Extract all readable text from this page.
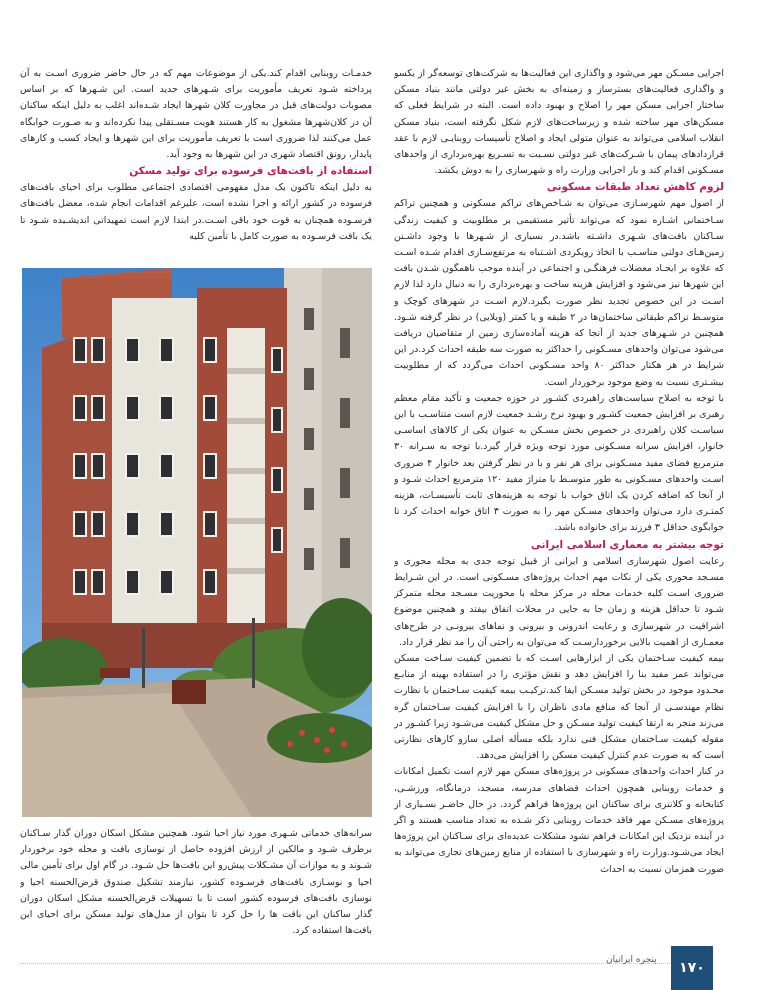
اجرایی مسـکن مهر می‌شود و واگذاری این فعالیت‌ها به شرکت‌های توسعه‌گر از یکسو و واگذاری فعالیت‌های بسترساز و زمینه‌ای به بخش غیر دولتی مانند بنیاد مسکن ساختار اجرایی مسکن مهر را اصلاح و بهبود داده است. البته در شرایط فعلی که مسکن‌های مهر ساخته شده و زیرساخت‌های لازم شکل نگرفته است، بنیاد مسکن انقلاب اسلامی می‌تواند به عنوان متولی ایجاد و اصلاح تأسیسات روبنایـی لازم با عقد قراردادهای پیمان با شـرکت‌های غیر دولتی نسـبت به تسـریع بهره‌برداری از واحدهای مسـکونی اقدام کند و بار اجرایی وزارت راه و شهرسازی را به دوش بکشد.

لزوم کاهش تعداد طبقات مسکونی

از اصول مهم شهرسـازی می‌توان به شـاخص‌های تراکم مسکونی و همچنین تراکم سـاختمانی اشـاره نمود که می‌تواند تأثیر مستقیمی بر مطلوبیت و کیفیت زندگی سـاکنان بافت‌های شـهری داشـته باشد.در بسیاری از شـهرها با وجود داشـتن زمین‌هـای دولتی مناسـب با اتخاذ رویکردی اشـتباه به مرتفع‌سـازی اقدام شـده اسـت که علاوه بر ایجـاد معضلات فرهنگـی و اجتماعی در آینده موجب ناهمگون شـدن بافت این شهرها نیز می‌شود و افزایش هزینه ساخت و بهره‌برداری را به دنبال دارد لذا لازم اسـت در این خصوص تجدید نظر صورت بگیرد.لازم اسـت در شهرهای کوچک و متوسـط تراکم طبقاتی ساختمان‌ها در ۲ طبقه و یا کمتر (ویلایی) در نظر گرفته شـود. همچنین در شـهرهای جدید از آنجا که هزینه آماده‌سازی زمین از متقاضیان دریافت می‌شود می‌توان واحدهای مسـکونی را حداکثر به صورت سه طبقه احداث کرد.در این شرایط در هر هکتار حداکثر ۸۰ واحد مسـکونی احداث می‌گردد که از مطلوبیت بیشـتری نسبت به وضع موجود برخوردار است.

با توجه به اصلاح سیاست‌های راهبردی کشـور در حوزه جمعیت و تأکید مقام معظم رهبری بر افزایش جمعیت کشـور و بهبود نرخ رشـد جمعیت لازم است متناسـب با این سیاسـت کلان راهبردی در خصوص بخش مسـکن به عنوان یکی از کالاهای اساسـی خانوار، افزایش سرانه مسـکونی مورد توجه ویژه قرار گیرد.با توجه به سـرانه ۳۰ مترمربع فضای مفید مسـکونی برای هر نفر و با در نظر گرفتن بعد خانوار ۴ ضروری اسـت واحدهای مسـکونی به طور متوسـط با متراژ مفید ۱۲۰ مترمربع احداث شـود و از آنجا که اضافه کردن یک اتاق خواب با توجه به هزینه‌های ثابت تأسیسـات، هزینه کمتـری دارد می‌توان واحدهای مسـکن مهر را به صورت ۳ اتاق خوابه احداث کرد تا جوابگوی حداقل ۳ فرزند برای خانواده باشد.

توجه بیشتر به معماری اسلامی ایرانی

رعایت اصول شهرسازی اسلامی و ایرانی از قبیل توجه جدی به محله محوری و مسـجد محوری یکی از نکات مهم احداث پروژه‌های مسـکونی است. در این شـرایط ضروری اسـت کلیه خدمات محله در مرکز محله با محوریت مسـجد محله متمرکز شـود تا حداقل هزینه و زمان جا به جایی در محلات اتفاق بیفتد و همچنین موضوع اشرافیت در شهرسازی و رعایت اندرونی و بیرونی و نماهای بیرونـی در طرح‌های معمـاری از اهمیت بالایی برخوردارسـت که می‌توان به راحتی آن را مد نظر قرار داد.

بیمه کیفیت سـاختمان یکی از ابزارهایی اسـت که با تضمین کیفیت سـاخت مسکن می‌تواند عمر مفید بنا را افزایش دهد و نقش مؤثری را در استفاده بهینه از منابـع محـدود موجود در بخش تولید مسـکن ایفا کند.ترکیـب بیمه کیفیت سـاختمان با نظارت نظام مهندسـی از آنجا که منافع مادی ناظران را با افزایش کیفیت سـاختمان گره می‌زند منجر به ارتقا کیفیت تولید مسـکن و حل مشکل کیفیت می‌شـود زیرا کشـور در مقوله کیفیت سـاختمان مشکل فنی ندارد بلکه مسأله اصلی سازو کارهای نظارتی است که به صورت عدم کنترل کیفیت مسکن را افزایش می‌دهد.

در کنار احداث واحدهای مسکونی در پروژه‌های مسکن مهر لازم است تکمیل امکانات و خدمات روبنایی همچون احداث فضاهای مدرسه، مسجد، درمانگاه، ورزشـی، کتابخانه و کلانتری برای ساکنان این پروژه‌ها فراهم گردد. در حال حاضـر بسـیاری از پروژه‌های مسـکن مهر فاقد خدمات روبنایی ذکر شـده به تعداد مناسب هستند و اگر در آینده نزدیک این امکانات فراهم نشود مشکلات عدیده‌ای برای سـاکنان این پروژه‌ها ایجاد می‌شـود.وزارت راه و شهرسازی با استفاده از منابع زمین‌های تجاری می‌تواند به صورت همزمان نسبت به احداث

خدمـات روبنایی اقدام کند.یکی از موضوعات مهم که در حال حاضر ضروری اسـت به آن پرداخته شـود تعریف مأموریت برای شـهرهای جدید است. این شـهرها که بر اساس مصوبات دولت‌های قبل در مجاورت کلان شهرها ایجاد شـده‌اند اغلب به دلیل اینکه ساکنان آن در کلان‌شهرها مشغول به کار هستند هویت مسـتقلی پیدا نکرده‌اند و به صـورت خوابگاه عمل می‌کنند لذا ضروری است با تعریف مأموریت برای این شهرها و ایجاد کسب و کارهای پایدار، رونق اقتصاد شهری در این شهرها به وجود آید.

استفاده از بافت‌های فرسوده برای تولید مسکن

به دلیل اینکه تاکنون یک مدل مفهومی اقتصادی اجتماعی مطلوب برای احیای بافت‌های فرسوده در کشور ارائه و اجرا نشده است، علیرغم اقدامات انجام شده، معضل بافت‌های فرسـوده همچنان به قوت خود باقی اسـت.در ابتدا لازم است تمهیداتی اندیشـیده شـود تا یک بافت فرسـوده به صورت کامل با تأمین کلیه

سرانه‌های خدماتی شـهری مورد نیاز احیا شود. همچنین مشکل اسکان دوران گذار سـاکنان برطرف شـود و مالکین از ارزش افزوده حاصل از نوسازی بافت و محله خود برخوردار شـوند و به موازات آن مشـکلات پیش‌رو این بافت‌ها حل شـود. در گام اول برای تأمین مالی احیا و نوسـازی بافت‌های فرسـوده کشور، نیازمند تشکیل صندوق قرض‌الحسنه احیا و نوسازی بافت‌های فرسوده کشور است تا با تسهیلات قرض‌الحسنه مشکل اسکان دوران گذار ساکنان این بافت ها را حل کرد تا بتوان از مدل‌های تولید مسکن برای احیای این بافت‌ها استفاده کرد.

پنجره ایرانیان	۱۷۰
